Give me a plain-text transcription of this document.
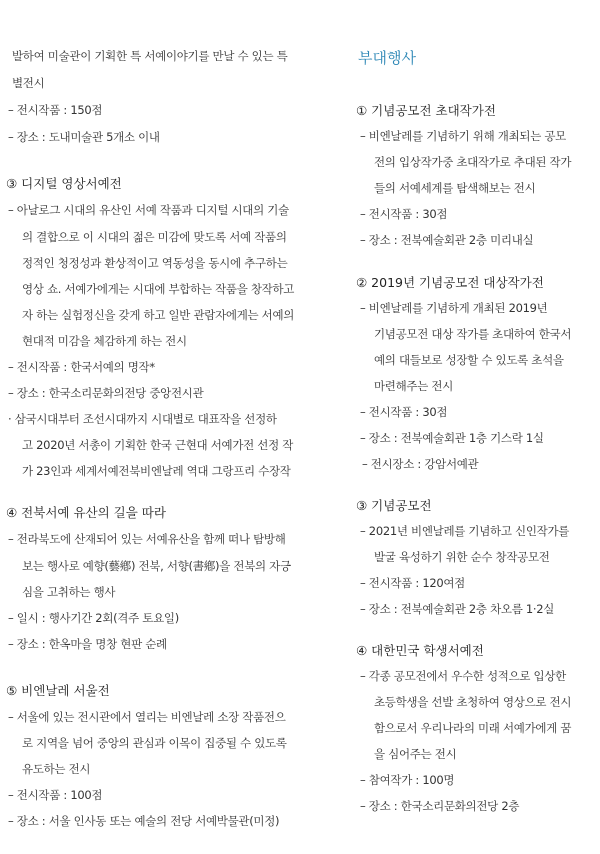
발하여 미술관이 기획한 특 서예이야기를 만날 수 있는 특
별전시
– 전시작품 : 150점
– 장소 : 도내미술관 5개소 이내
③ 디지털 영상서예전
– 아날로그 시대의 유산인 서예 작품과 디지털 시대의 기술
의 결합으로 이 시대의 젊은 미감에 맞도록 서예 작품의
정적인 청정성과 환상적이고 역동성을 동시에 추구하는
영상 쇼. 서예가에게는 시대에 부합하는 작품을 창작하고
자 하는 실험정신을 갖게 하고 일반 관람자에게는 서예의
현대적 미감을 체감하게 하는 전시
– 전시작품 : 한국서예의 명작*
– 장소 : 한국소리문화의전당 중앙전시관
· 삼국시대부터 조선시대까지 시대별로 대표작을 선정하
고 2020년 서총이 기획한 한국 근현대 서예가전 선정 작
가 23인과 세계서예전북비엔날레 역대 그랑프리 수장작
④ 전북서예 유산의 길을 따라
– 전라북도에 산재되어 있는 서예유산을 함께 떠나 탐방해
보는 행사로 예향(藝鄕) 전북, 서향(書鄕)을 전북의 자긍
심을 고취하는 행사
– 일시 : 행사기간 2회(격주 토요일)
– 장소 : 한옥마을 명창 현판 순례
⑤ 비엔날레 서울전
– 서울에 있는 전시관에서 열리는 비엔날레 소장 작품전으
로 지역을 넘어 중앙의 관심과 이목이 집중될 수 있도록
유도하는 전시
– 전시작품 : 100점
– 장소 : 서울 인사동 또는 예술의 전당 서예박물관(미정)
부대행사
① 기념공모전 초대작가전
– 비엔날레를 기념하기 위해 개최되는 공모
전의 입상작가중 초대작가로 추대된 작가
들의 서예세계를 탐색해보는 전시
– 전시작품 : 30점
– 장소 : 전북예술회관 2층 미리내실
② 2019년 기념공모전 대상작가전
– 비엔날레를 기념하게 개최된 2019년
기념공모전 대상 작가를 초대하여 한국서
예의 대들보로 성장할 수 있도록 초석을
마련해주는 전시
– 전시작품 : 30점
– 장소 : 전북예술회관 1층 기스락 1실
– 전시장소 : 강암서예관
③ 기념공모전
– 2021년 비엔날레를 기념하고 신인작가를
발굴 육성하기 위한 순수 창작공모전
– 전시작품 : 120여점
– 장소 : 전북예술회관 2층 차오름 1·2실
④ 대한민국 학생서예전
– 각종 공모전에서 우수한 성적으로 입상한
초등학생을 선발 초청하여 영상으로 전시
함으로서 우리나라의 미래 서예가에게 꿈
을 심어주는 전시
– 참여작가 : 100명
– 장소 : 한국소리문화의전당 2층
